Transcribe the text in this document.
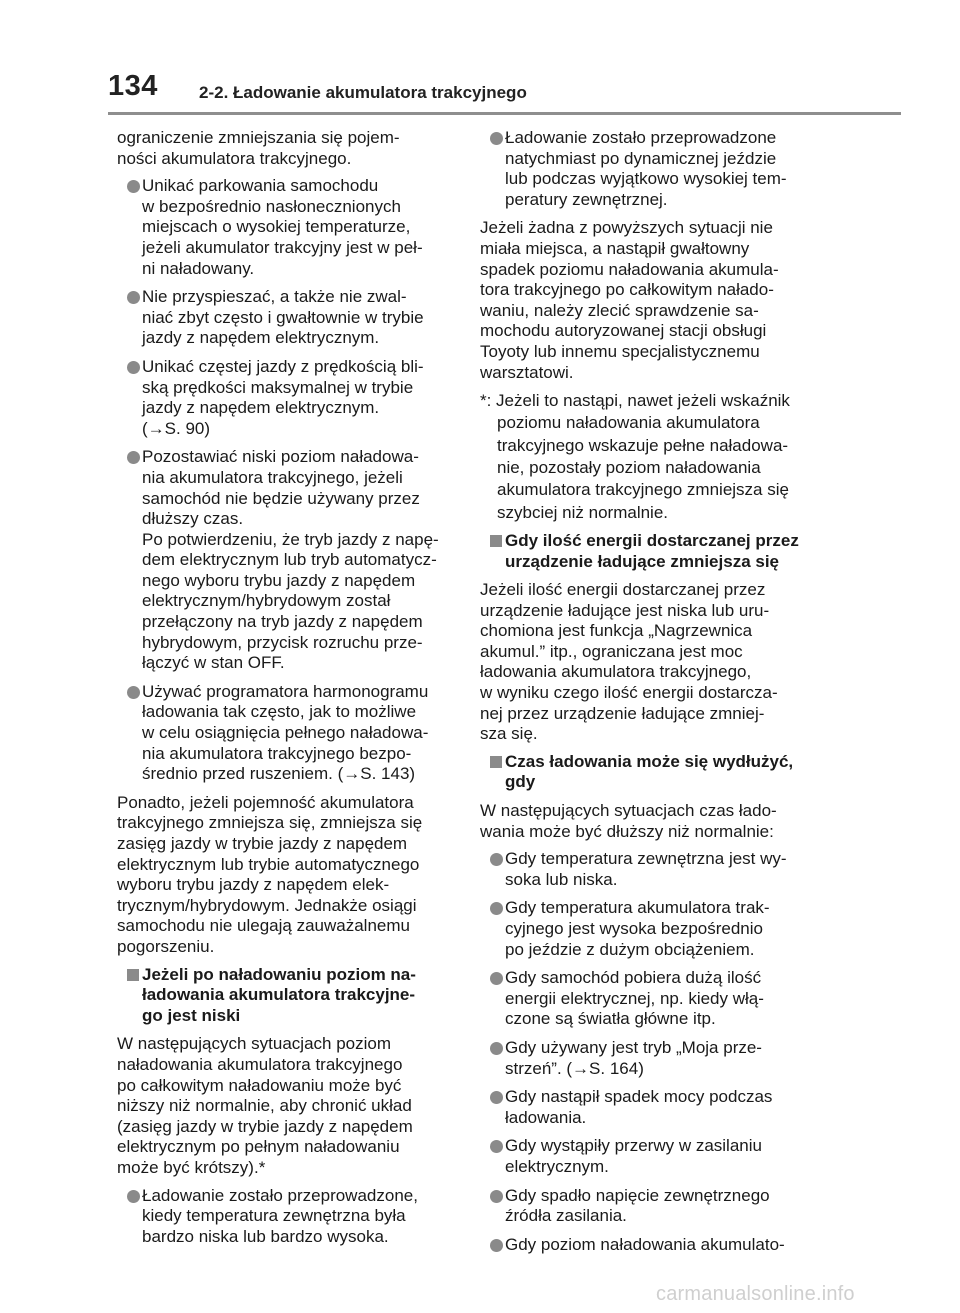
134 2-2. Ładowanie akumulatora trakcyjnego
ograniczenie zmniejszania się pojem-
ności akumulatora trakcyjnego.
Unikać parkowania samochodu
w bezpośrednio nasłonecznionych
miejscach o wysokiej temperaturze,
jeżeli akumulator trakcyjny jest w peł-
ni naładowany.
Nie przyspieszać, a także nie zwal-
niać zbyt często i gwałtownie w trybie
jazdy z napędem elektrycznym.
Unikać częstej jazdy z prędkością bli-
ską prędkości maksymalnej w trybie
jazdy z napędem elektrycznym.
(→S. 90)
Pozostawiać niski poziom naładowa-
nia akumulatora trakcyjnego, jeżeli
samochód nie będzie używany przez
dłuższy czas.
Po potwierdzeniu, że tryb jazdy z napę-
dem elektrycznym lub tryb automatycz-
nego wyboru trybu jazdy z napędem
elektrycznym/hybrydowym został
przełączony na tryb jazdy z napędem
hybrydowym, przycisk rozruchu prze-
łączyć w stan OFF.
Używać programatora harmonogramu
ładowania tak często, jak to możliwe
w celu osiągnięcia pełnego naładowa-
nia akumulatora trakcyjnego bezpo-
średnio przed ruszeniem. (→S. 143)
Ponadto, jeżeli pojemność akumulatora
trakcyjnego zmniejsza się, zmniejsza się
zasięg jazdy w trybie jazdy z napędem
elektrycznym lub trybie automatycznego
wyboru trybu jazdy z napędem elek-
trycznym/hybrydowym. Jednakże osiągi
samochodu nie ulegają zauważalnemu
pogorszeniu.
Jeżeli po naładowaniu poziom na-
ładowania akumulatora trakcyjne-
go jest niski
W następujących sytuacjach poziom
naładowania akumulatora trakcyjnego
po całkowitym naładowaniu może być
niższy niż normalnie, aby chronić układ
(zasięg jazdy w trybie jazdy z napędem
elektrycznym po pełnym naładowaniu
może być krótszy).*
Ładowanie zostało przeprowadzone,
kiedy temperatura zewnętrzna była
bardzo niska lub bardzo wysoka.
Ładowanie zostało przeprowadzone
natychmiast po dynamicznej jeździe
lub podczas wyjątkowo wysokiej tem-
peratury zewnętrznej.
Jeżeli żadna z powyższych sytuacji nie
miała miejsca, a nastąpił gwałtowny
spadek poziomu naładowania akumula-
tora trakcyjnego po całkowitym nałado-
waniu, należy zlecić sprawdzenie sa-
mochodu autoryzowanej stacji obsługi
Toyoty lub innemu specjalistycznemu
warsztatowi.
*: Jeżeli to nastąpi, nawet jeżeli wskaźnik
poziomu naładowania akumulatora
trakcyjnego wskazuje pełne naładowa-
nie, pozostały poziom naładowania
akumulatora trakcyjnego zmniejsza się
szybciej niż normalnie.
Gdy ilość energii dostarczanej przez
urządzenie ładujące zmniejsza się
Jeżeli ilość energii dostarczanej przez
urządzenie ładujące jest niska lub uru-
chomiona jest funkcja „Nagrzewnica
akumul.” itp., ograniczana jest moc
ładowania akumulatora trakcyjnego,
w wyniku czego ilość energii dostarcza-
nej przez urządzenie ładujące zmniej-
sza się.
Czas ładowania może się wydłużyć,
gdy
W następujących sytuacjach czas łado-
wania może być dłuższy niż normalnie:
Gdy temperatura zewnętrzna jest wy-
soka lub niska.
Gdy temperatura akumulatora trak-
cyjnego jest wysoka bezpośrednio
po jeździe z dużym obciążeniem.
Gdy samochód pobiera dużą ilość
energii elektrycznej, np. kiedy włą-
czone są światła główne itp.
Gdy używany jest tryb „Moja prze-
strzeń”. (→S. 164)
Gdy nastąpił spadek mocy podczas
ładowania.
Gdy wystąpiły przerwy w zasilaniu
elektrycznym.
Gdy spadło napięcie zewnętrznego
źródła zasilania.
Gdy poziom naładowania akumulato-
carmanualsonline.info
